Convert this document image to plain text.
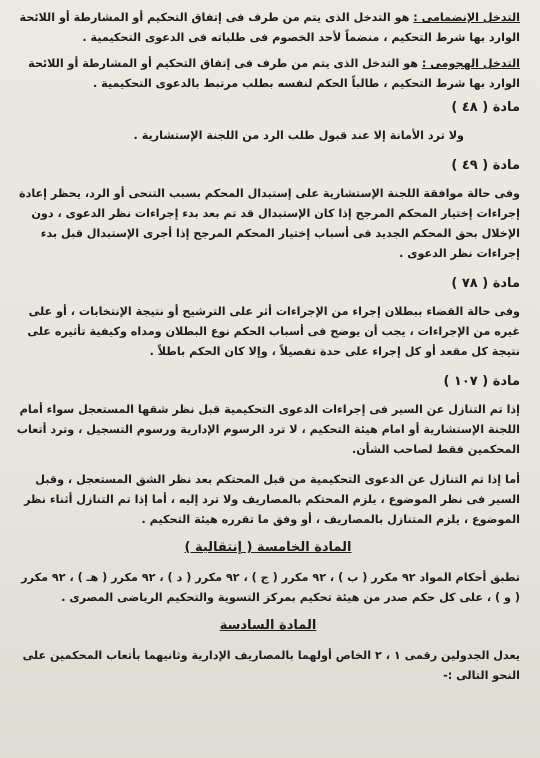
التدخل الإنضمامى : هو التدخل الذى يتم من طرف فى إتفاق التحكيم أو المشارطة أو اللائحة الوارد بها شرط التحكيم ، منضماً لأحد الخصوم فى طلباته فى الدعوى التحكيمية .

التدخل الهجومى : هو التدخل الذى يتم من طرف فى إتفاق التحكيم أو المشارطة أو اللائحة الوارد بها شرط التحكيم ، طالباً الحكم لنفسه بطلب مرتبط بالدعوى التحكيمية .

مادة ( ٤٨ )

ولا ترد الأمانة إلا عند قبول طلب الرد من اللجنة الإستشارية .

مادة ( ٤٩ )

وفى حالة موافقة اللجنة الإستشارية على إستبدال المحكم بسبب التنحى أو الرد، يحظر إعادة إجراءات إختيار المحكم المرجح إذا كان الإستبدال قد تم بعد بدء إجراءات نظر الدعوى ، دون الإخلال بحق المحكم الجديد فى أسباب إختيار المحكم المرجح إذا أجرى الإستبدال قبل بدء إجراءات نظر الدعوى .

مادة ( ٧٨ )

وفى حالة القضاء ببطلان إجراء من الإجراءات أثر على الترشيح أو نتيجة الإنتخابات ، أو على غيره من الإجراءات ، يجب أن يوضح فى أسباب الحكم نوع البطلان ومداه وكيفية تأثيره على نتيجة كل مقعد أو كل إجراء على حدة تفصيلاً ، وإلا كان الحكم باطلاً .

مادة ( ١٠٧ )

إذا تم التنازل عن السير فى إجراءات الدعوى التحكيمية قبل نظر شقها المستعجل سواء أمام اللجنة الإستشارية أو امام هيئة التحكيم ، لا ترد الرسوم الإدارية ورسوم التسجيل ، وترد أتعاب المحكمين فقط لصاحب الشأن.

أما إذا تم التنازل عن الدعوى التحكيمية من قبل المحتكم بعد نظر الشق المستعجل ، وقبل السير فى نظر الموضوع ، يلزم المحتكم بالمصاريف ولا ترد إليه ، أما إذا تم التنازل أثناء نظر الموضوع ، يلزم المتنازل بالمصاريف ، أو وفق ما تقرره هيئة التحكيم .

المادة الخامسة ( إنتقالية )

تطبق أحكام المواد ٩٢ مكرر ( ب ) ، ٩٢ مكرر ( ج ) ، ٩٢ مكرر ( د ) ، ٩٢ مكرر ( هـ ) ، ٩٢ مكرر ( و ) ، على كل حكم صدر من هيئة تحكيم بمركز التسوية والتحكيم الرياضى المصرى .

المادة السادسة

يعدل الجدولين رقمى ١ ، ٢ الخاص أولهما بالمصاريف الإدارية وثانيهما بأتعاب المحكمين على النحو التالى :-
